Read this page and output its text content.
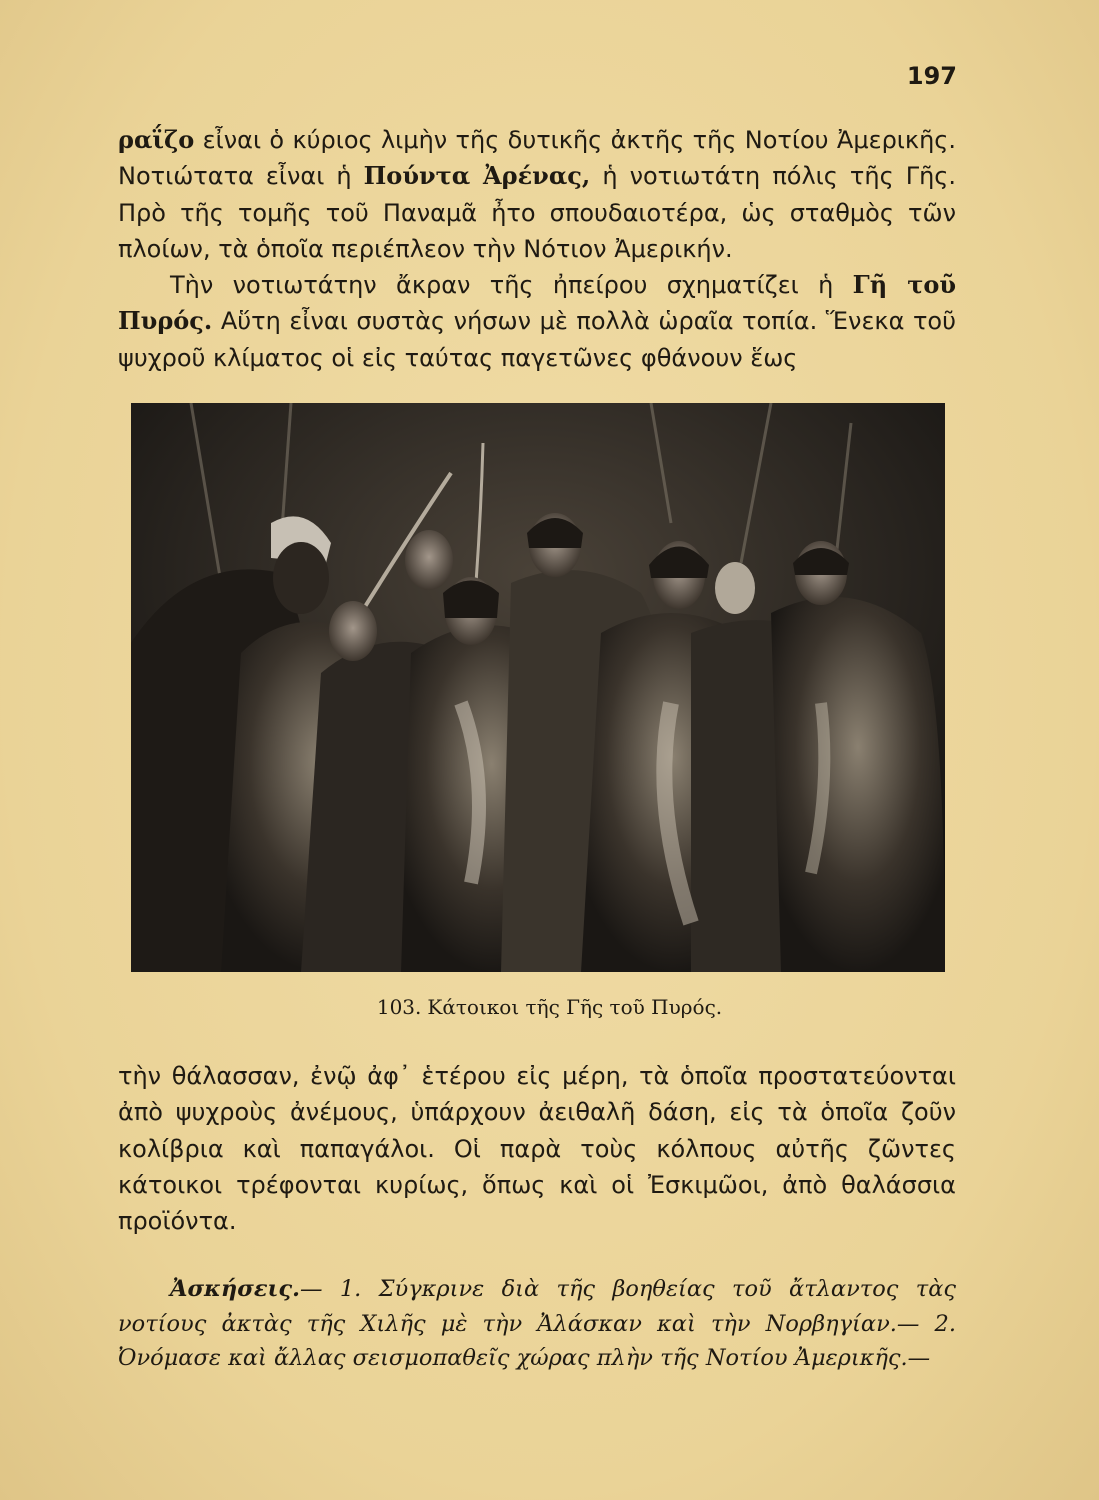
197

ραΐζο εἶναι ὁ κύριος λιμὴν τῆς δυτικῆς ἀκτῆς τῆς Νοτίου Ἀμερικῆς. Νοτιώτατα εἶναι ἡ Πούντα Ἀρένας, ἡ νοτιωτάτη πόλις τῆς Γῆς. Πρὸ τῆς τομῆς τοῦ Παναμᾶ ἦτο σπουδαιοτέρα, ὡς σταθμὸς τῶν πλοίων, τὰ ὁποῖα περιέπλεον τὴν Νότιον Ἀμερικήν.
Τὴν νοτιωτάτην ἄκραν τῆς ἠπείρου σχηματίζει ἡ Γῆ τοῦ Πυρός. Αὕτη εἶναι συστὰς νήσων μὲ πολλὰ ὡραῖα τοπία. Ἕνεκα τοῦ ψυχροῦ κλίματος οἱ εἰς ταύτας παγετῶνες φθάνουν ἕως

103. Κάτοικοι τῆς Γῆς τοῦ Πυρός.

τὴν θάλασσαν, ἐνῷ ἀφ᾿ ἑτέρου εἰς μέρη, τὰ ὁποῖα προστατεύονται ἀπὸ ψυχροὺς ἀνέμους, ὑπάρχουν ἀειθαλῆ δάση, εἰς τὰ ὁποῖα ζοῦν κολίβρια καὶ παπαγάλοι. Οἱ παρὰ τοὺς κόλπους αὐτῆς ζῶντες κάτοικοι τρέφονται κυρίως, ὅπως καὶ οἱ Ἐσκιμῶοι, ἀπὸ θαλάσσια προϊόντα.

Ἀσκήσεις.— 1. Σύγκρινε διὰ τῆς βοηθείας τοῦ ἄτλαντος τὰς νοτίους ἀκτὰς τῆς Χιλῆς μὲ τὴν Ἀλάσκαν καὶ τὴν Νορβηγίαν.— 2. Ὀνόμασε καὶ ἄλλας σεισμοπαθεῖς χώρας πλὴν τῆς Νοτίου Ἀμερικῆς.—
